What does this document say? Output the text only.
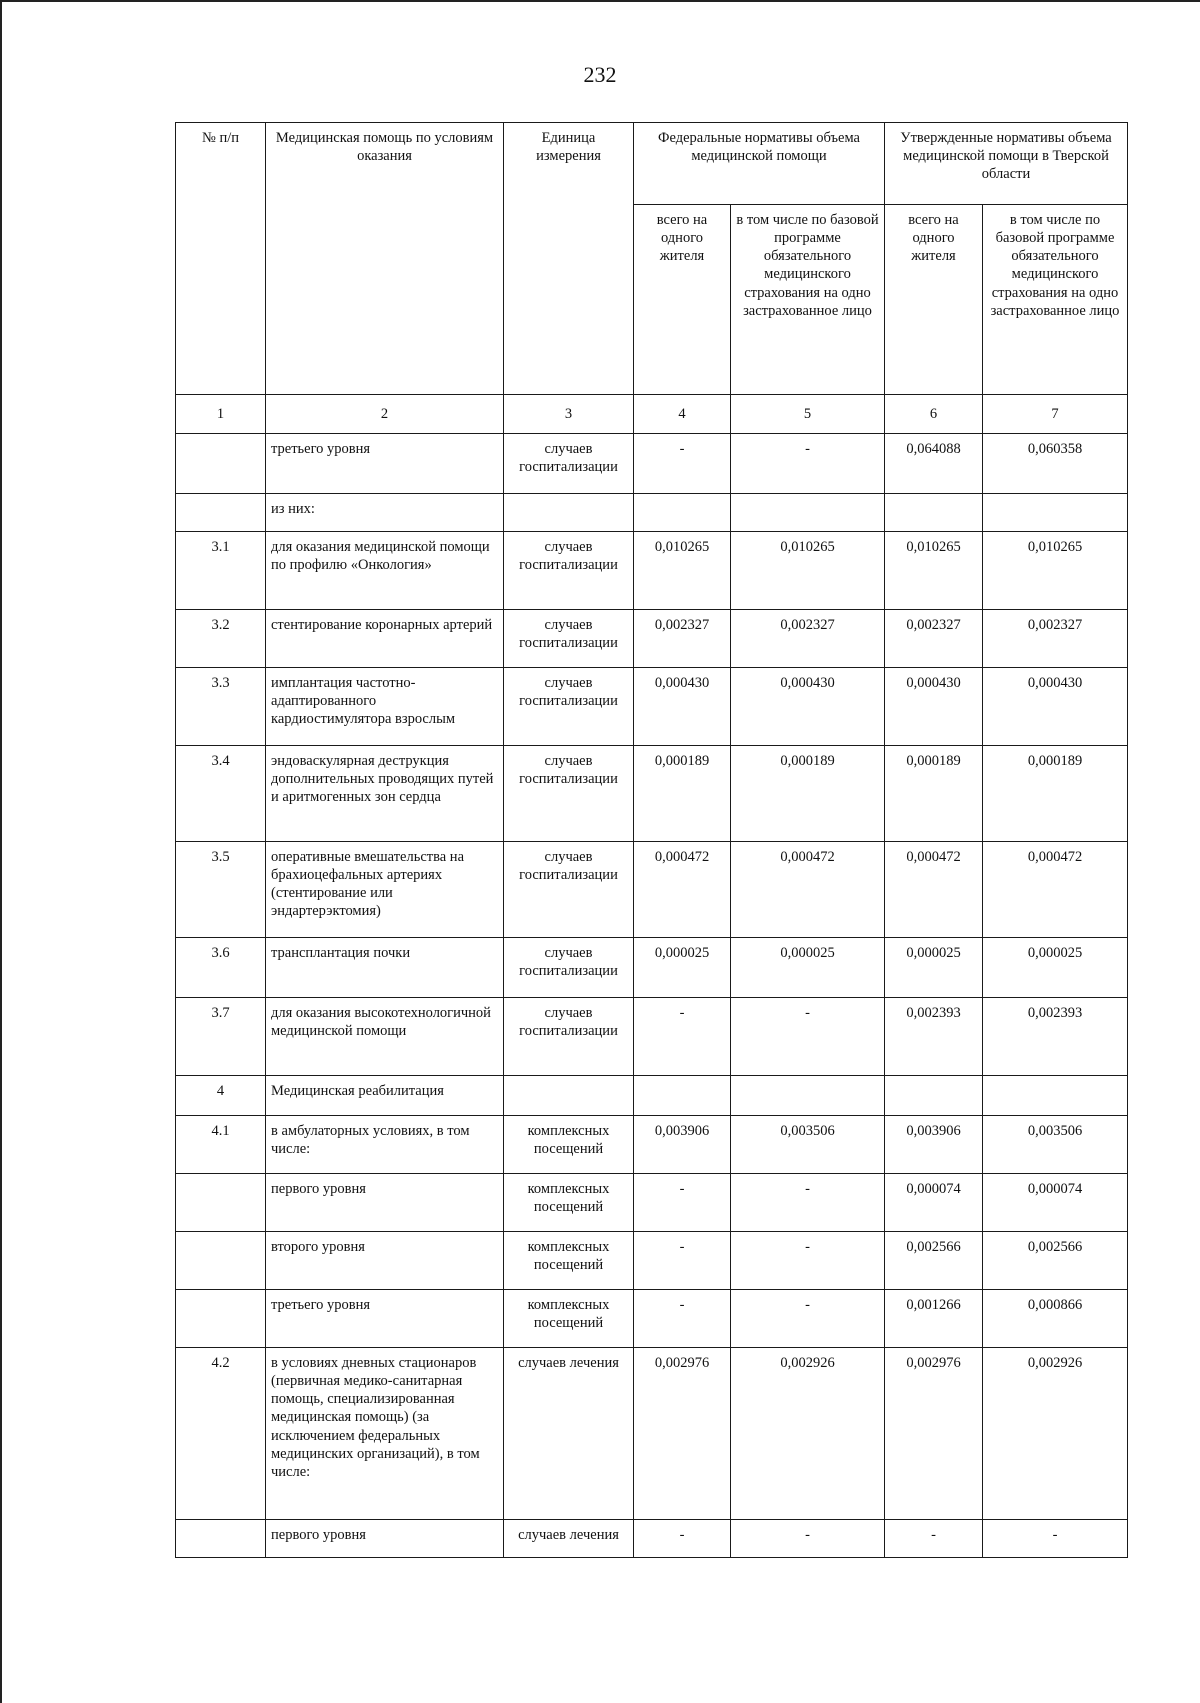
232
№ п/п	Медицинская помощь по условиям оказания	Единица измерения	Федеральные нормативы объема медицинской помощи		Утвержденные нормативы объема медицинской помощи в Тверской области	
			всего на одного жителя	в том числе по базовой программе обязательного медицинского страхования на одно застрахованное лицо	всего на одного жителя	в том числе по базовой программе обязательного медицинского страхования на одно застрахованное лицо
1	2	3	4	5	6	7
	третьего уровня	случаев госпитализации	-	-	0,064088	0,060358
	из них:					
3.1	для оказания медицинской помощи по профилю «Онкология»	случаев госпитализации	0,010265	0,010265	0,010265	0,010265
3.2	стентирование коронарных артерий	случаев госпитализации	0,002327	0,002327	0,002327	0,002327
3.3	имплантация частотно-адаптированного кардиостимулятора взрослым	случаев госпитализации	0,000430	0,000430	0,000430	0,000430
3.4	эндоваскулярная деструкция дополнительных проводящих путей и аритмогенных зон сердца	случаев госпитализации	0,000189	0,000189	0,000189	0,000189
3.5	оперативные вмешательства на брахиоцефальных артериях (стентирование или эндартерэктомия)	случаев госпитализации	0,000472	0,000472	0,000472	0,000472
3.6	трансплантация почки	случаев госпитализации	0,000025	0,000025	0,000025	0,000025
3.7	для оказания высокотехнологичной медицинской помощи	случаев госпитализации	-	-	0,002393	0,002393
4	Медицинская реабилитация					
4.1	в амбулаторных условиях, в том числе:	комплексных посещений	0,003906	0,003506	0,003906	0,003506
	первого уровня	комплексных посещений	-	-	0,000074	0,000074
	второго уровня	комплексных посещений	-	-	0,002566	0,002566
	третьего уровня	комплексных посещений	-	-	0,001266	0,000866
4.2	в условиях дневных стационаров (первичная медико-санитарная помощь, специализированная медицинская помощь) (за исключением федеральных медицинских организаций), в том числе:	случаев лечения	0,002976	0,002926	0,002976	0,002926
	первого уровня	случаев лечения	-	-	-	-
